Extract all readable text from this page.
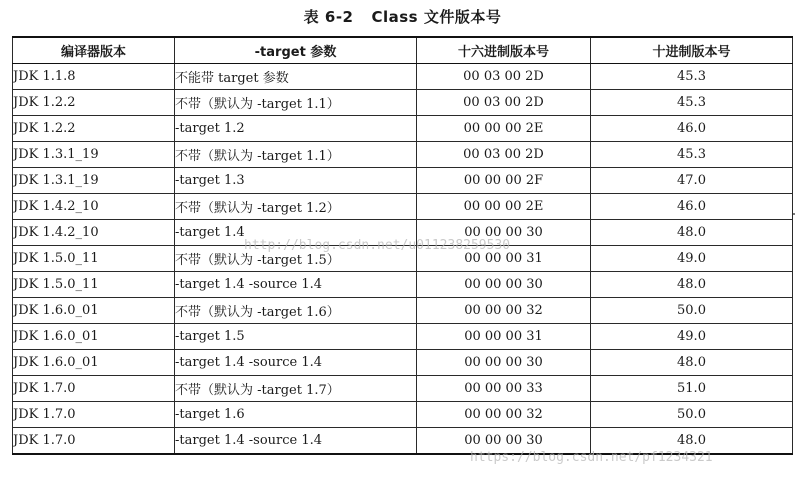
表 6-2 Class 文件版本号
编译器版本	-target 参数	十六进制版本号	十进制版本号
JDK 1.1.8	不能带 target 参数	00 03 00 2D	45.3
JDK 1.2.2	不带（默认为 -target 1.1）	00 03 00 2D	45.3
JDK 1.2.2	-target 1.2	00 00 00 2E	46.0
JDK 1.3.1_19	不带（默认为 -target 1.1）	00 03 00 2D	45.3
JDK 1.3.1_19	-target 1.3	00 00 00 2F	47.0
JDK 1.4.2_10	不带（默认为 -target 1.2）	00 00 00 2E	46.0
JDK 1.4.2_10	-target 1.4	00 00 00 30	48.0
JDK 1.5.0_11	不带（默认为 -target 1.5）	00 00 00 31	49.0
JDK 1.5.0_11	-target 1.4 -source 1.4	00 00 00 30	48.0
JDK 1.6.0_01	不带（默认为 -target 1.6）	00 00 00 32	50.0
JDK 1.6.0_01	-target 1.5	00 00 00 31	49.0
JDK 1.6.0_01	-target 1.4 -source 1.4	00 00 00 30	48.0
JDK 1.7.0	不带（默认为 -target 1.7）	00 00 00 33	51.0
JDK 1.7.0	-target 1.6	00 00 00 32	50.0
JDK 1.7.0	-target 1.4 -source 1.4	00 00 00 30	48.0
http://blog.csdn.net/u011238259530
https://blog.csdn.net/pf1234321
